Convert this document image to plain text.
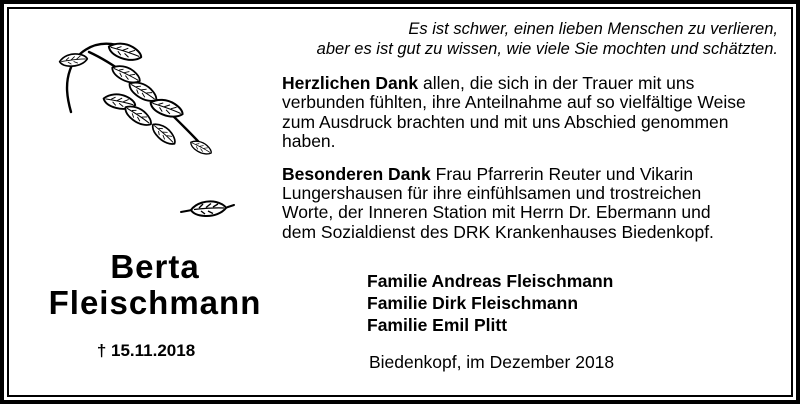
Es ist schwer, einen lieben Menschen zu verlieren,
aber es ist gut zu wissen, wie viele Sie mochten und schätzten.
Herzlichen Dank allen, die sich in der Trauer mit uns
verbunden fühlten, ihre Anteilnahme auf so vielfältige Weise
zum Ausdruck brachten und mit uns Abschied genommen
haben.
Besonderen Dank Frau Pfarrerin Reuter und Vikarin
Lungershausen für ihre einfühlsamen und trostreichen
Worte, der Inneren Station mit Herrn Dr. Ebermann und
dem Sozialdienst des DRK Krankenhauses Biedenkopf.
Berta
Fleischmann
† 15.11.2018
Familie Andreas Fleischmann
Familie Dirk Fleischmann
Familie Emil Plitt
Biedenkopf, im Dezember 2018
